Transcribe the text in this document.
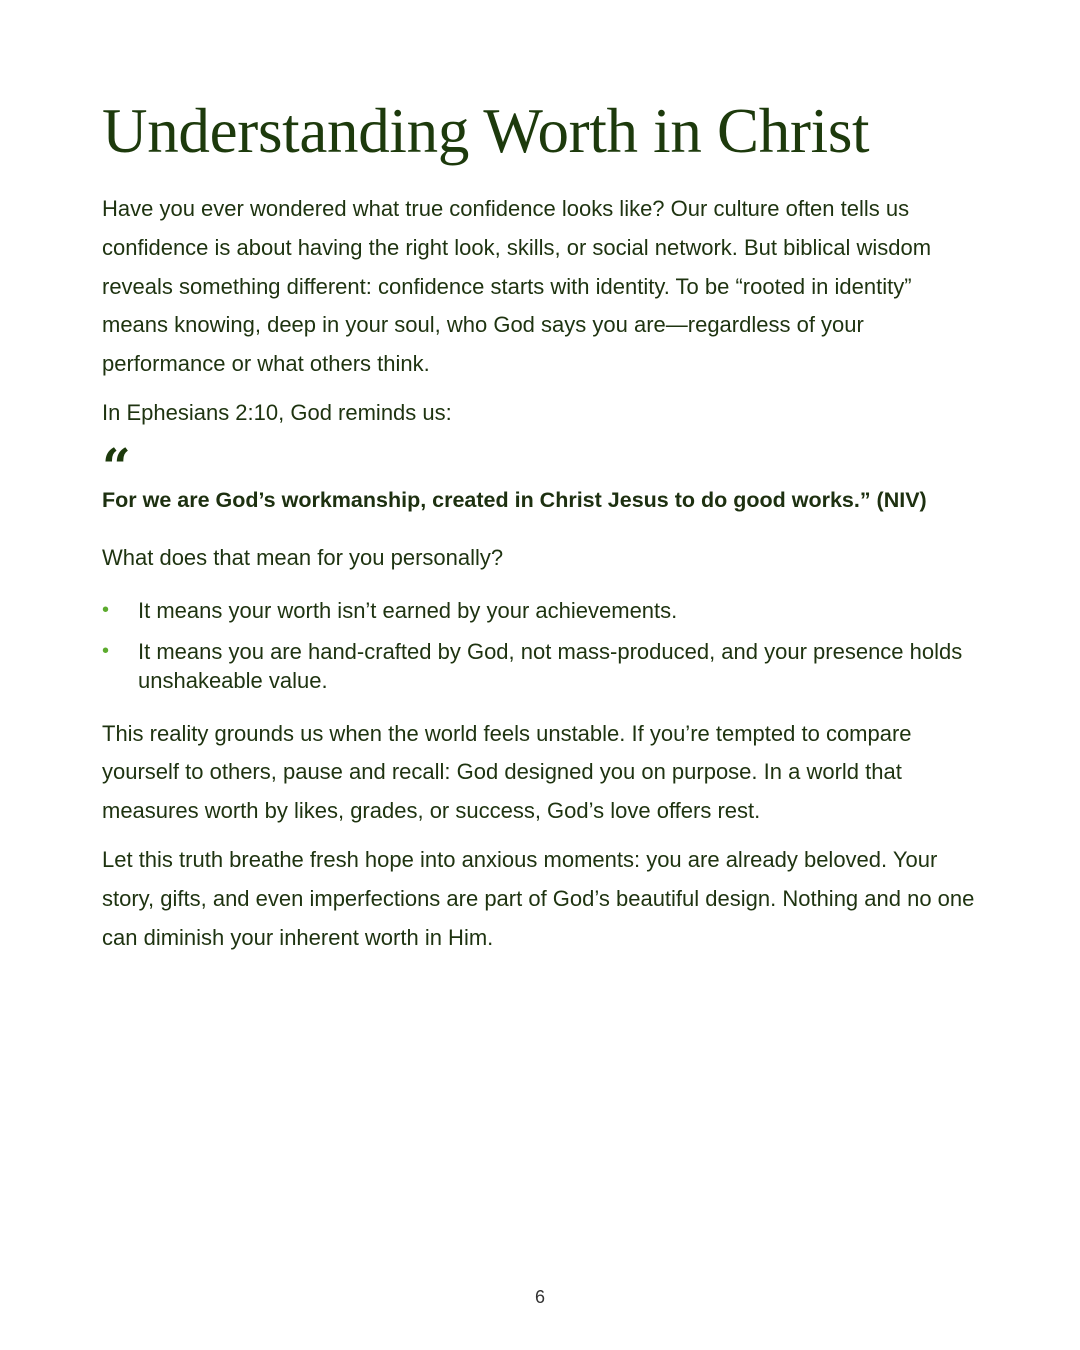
Understanding Worth in Christ

Have you ever wondered what true confidence looks like? Our culture often tells us confidence is about having the right look, skills, or social network. But biblical wisdom reveals something different: confidence starts with identity. To be “rooted in identity” means knowing, deep in your soul, who God says you are—regardless of your performance or what others think.

In Ephesians 2:10, God reminds us:

“

For we are God’s workmanship, created in Christ Jesus to do good works.” (NIV)

What does that mean for you personally?

• It means your worth isn’t earned by your achievements.
• It means you are hand-crafted by God, not mass-produced, and your presence holds unshakeable value.

This reality grounds us when the world feels unstable. If you’re tempted to compare yourself to others, pause and recall: God designed you on purpose. In a world that measures worth by likes, grades, or success, God’s love offers rest.

Let this truth breathe fresh hope into anxious moments: you are already beloved. Your story, gifts, and even imperfections are part of God’s beautiful design. Nothing and no one can diminish your inherent worth in Him.

6
